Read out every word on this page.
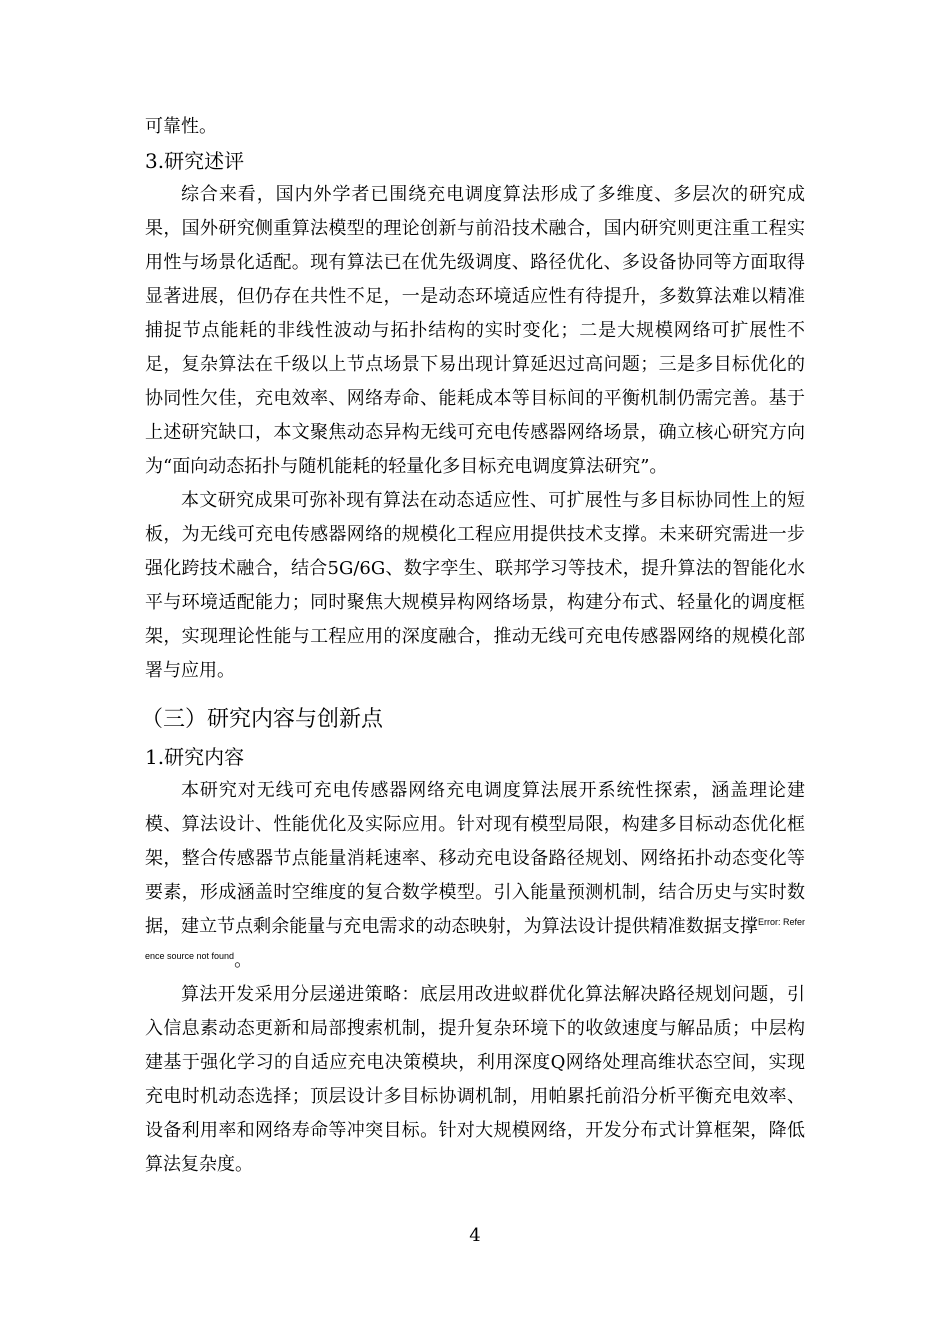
可靠性。

3.研究述评

综合来看，国内外学者已围绕充电调度算法形成了多维度、多层次的研究成果，国外研究侧重算法模型的理论创新与前沿技术融合，国内研究则更注重工程实用性与场景化适配。现有算法已在优先级调度、路径优化、多设备协同等方面取得显著进展，但仍存在共性不足，一是动态环境适应性有待提升，多数算法难以精准捕捉节点能耗的非线性波动与拓扑结构的实时变化；二是大规模网络可扩展性不足，复杂算法在千级以上节点场景下易出现计算延迟过高问题；三是多目标优化的协同性欠佳，充电效率、网络寿命、能耗成本等目标间的平衡机制仍需完善。基于上述研究缺口，本文聚焦动态异构无线可充电传感器网络场景，确立核心研究方向为“面向动态拓扑与随机能耗的轻量化多目标充电调度算法研究”。

本文研究成果可弥补现有算法在动态适应性、可扩展性与多目标协同性上的短板，为无线可充电传感器网络的规模化工程应用提供技术支撑。未来研究需进一步强化跨技术融合，结合5G/6G、数字孪生、联邦学习等技术，提升算法的智能化水平与环境适配能力；同时聚焦大规模异构网络场景，构建分布式、轻量化的调度框架，实现理论性能与工程应用的深度融合，推动无线可充电传感器网络的规模化部署与应用。

（三）研究内容与创新点
1.研究内容

本研究对无线可充电传感器网络充电调度算法展开系统性探索，涵盖理论建模、算法设计、性能优化及实际应用。针对现有模型局限，构建多目标动态优化框架，整合传感器节点能量消耗速率、移动充电设备路径规划、网络拓扑动态变化等要素，形成涵盖时空维度的复合数学模型。引入能量预测机制，结合历史与实时数据，建立节点剩余能量与充电需求的动态映射，为算法设计提供精准数据支撑$^{Error: Reference source not found}$。

算法开发采用分层递进策略：底层用改进蚁群优化算法解决路径规划问题，引入信息素动态更新和局部搜索机制，提升复杂环境下的收敛速度与解品质；中层构建基于强化学习的自适应充电决策模块，利用深度Q网络处理高维状态空间，实现充电时机动态选择；顶层设计多目标协调机制，用帕累托前沿分析平衡充电效率、设备利用率和网络寿命等冲突目标。针对大规模网络，开发分布式计算框架，降低算法复杂度。

4
